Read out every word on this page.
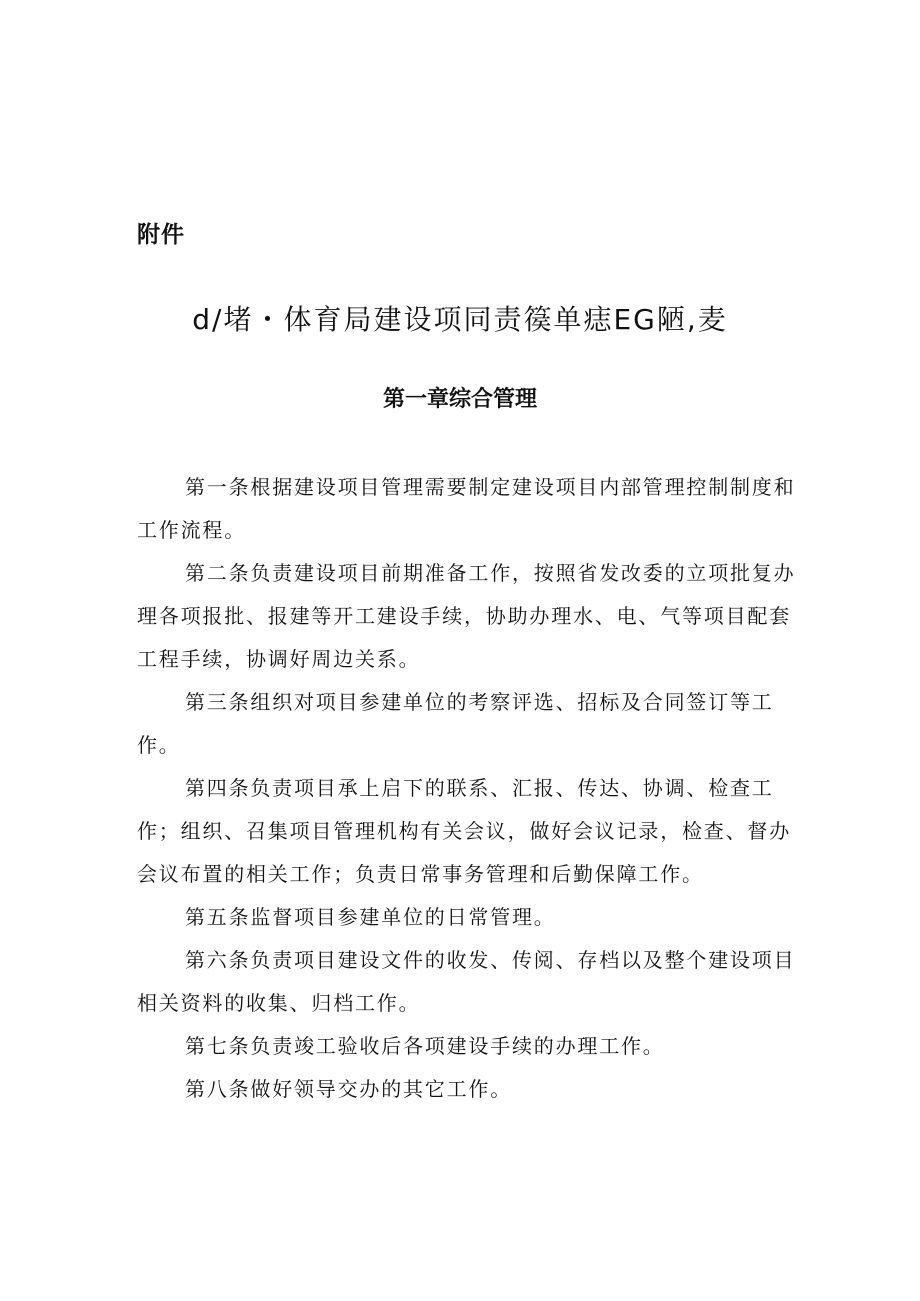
附件
d/堵・体育局建设项同责篌单痣EG陋,麦
第一章综合管理

第一条根据建设项目管理需要制定建设项目内部管理控制制度和工作流程。

第二条负责建设项目前期准备工作，按照省发改委的立项批复办理各项报批、报建等开工建设手续，协助办理水、电、气等项目配套工程手续，协调好周边关系。

第三条组织对项目参建单位的考察评选、招标及合同签订等工作。

第四条负责项目承上启下的联系、汇报、传达、协调、检查工作；组织、召集项目管理机构有关会议，做好会议记录，检查、督办会议布置的相关工作；负责日常事务管理和后勤保障工作。

第五条监督项目参建单位的日常管理。

第六条负责项目建设文件的收发、传阅、存档以及整个建设项目相关资料的收集、归档工作。

第七条负责竣工验收后各项建设手续的办理工作。

第八条做好领导交办的其它工作。
